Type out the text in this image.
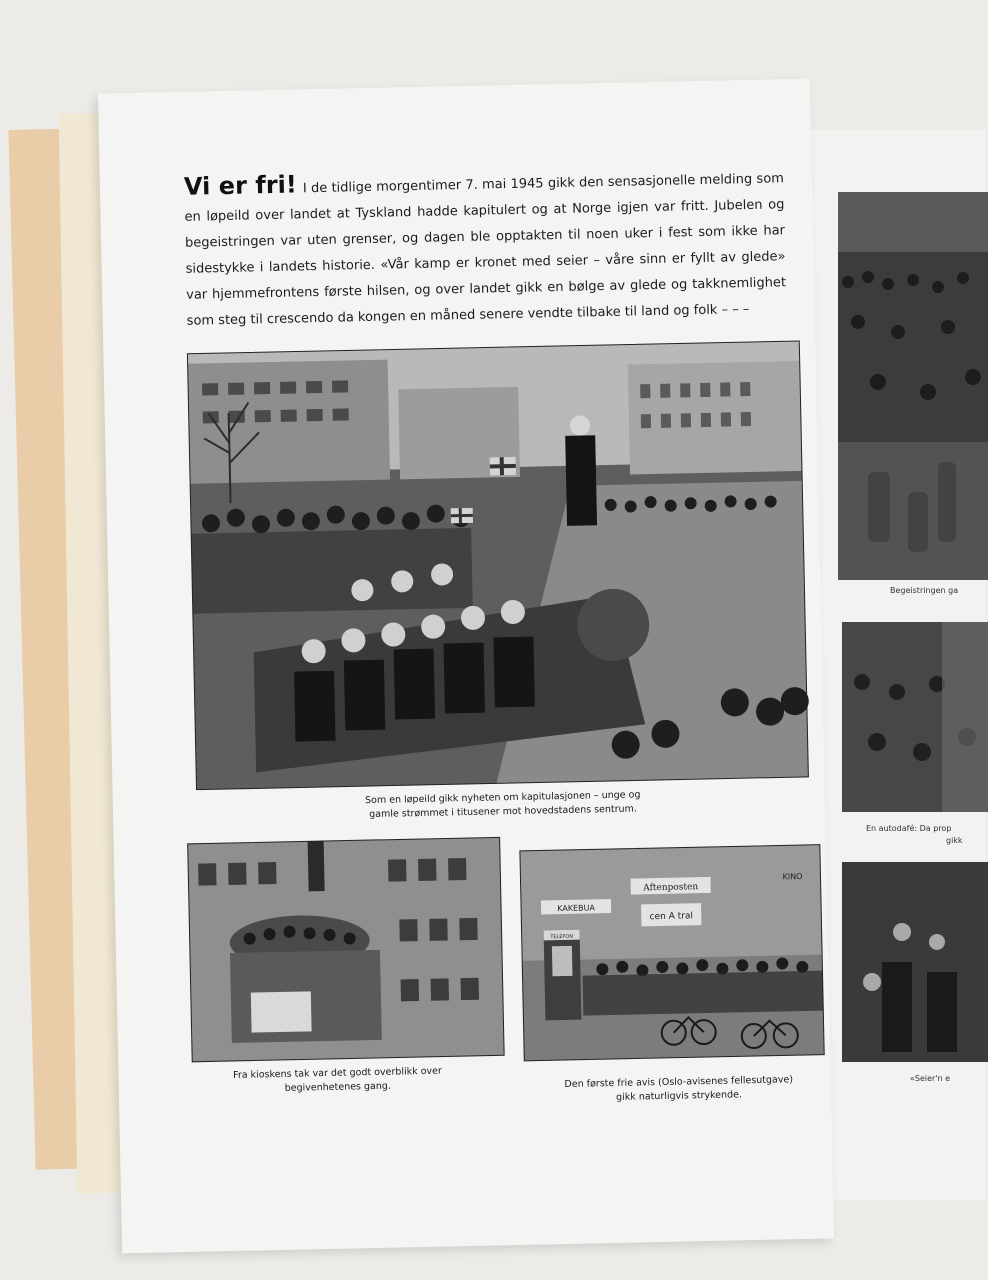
Begeistringen ga
En autodafé: Da prop
gikk
«Seier'n e
Vi er fri! I de tidlige morgentimer 7. mai 1945 gikk den sensasjonelle melding som en løpeild over landet at Tyskland hadde kapitulert og at Norge igjen var fritt. Jubelen og begeistringen var uten grenser, og dagen ble opptakten til noen uker i fest som ikke har sidestykke i landets historie. «Vår kamp er kronet med seier – våre sinn er fyllt av glede» var hjemmefrontens første hilsen, og over landet gikk en bølge av glede og takknemlighet som steg til crescendo da kongen en måned senere vendte tilbake til land og folk – – –
Som en løpeild gikk nyheten om kapitulasjonen – unge og gamle strømmet i titusener mot hovedstadens sentrum.
Fra kioskens tak var det godt overblikk over begivenhetenes gang.
Aftenposten
KAKEBUA
cen A tral
KINO
TELEFON
Den første frie avis (Oslo-avisenes fellesutgave) gikk naturligvis strykende.
